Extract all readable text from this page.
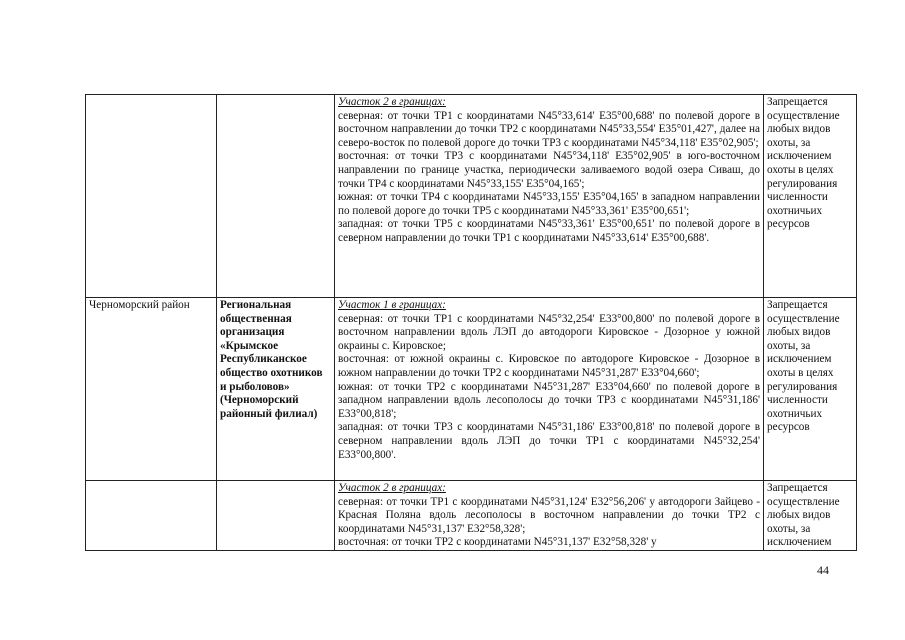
		Участок 2 в границах:

северная: от точки ТР1 с координатами N45°33,614' E35°00,688' по полевой дороге в восточном направлении до точки ТР2 с координатами N45°33,554' E35°01,427', далее на северо-восток по полевой дороге до точки ТР3 с координатами N45°34,118' E35°02,905';

восточная: от точки ТР3 с координатами N45°34,118' E35°02,905' в юго-восточном направлении по границе участка, периодически заливаемого водой озера Сиваш, до точки ТР4 с координатами N45°33,155' E35°04,165';

южная: от точки ТР4 с координатами N45°33,155' E35°04,165' в западном направлении по полевой дороге до точки ТР5 с координатами N45°33,361' E35°00,651';

западная: от точки ТР5 с координатами N45°33,361' E35°00,651' по полевой дороге в северном направлении до точки ТР1 с координатами N45°33,614' E35°00,688'.	Запрещается осуществление любых видов охоты, за исключением охоты в целях регулирования численности охотничьих ресурсов
Черноморский район	Региональная общественная организация «Крымское Республиканское общество охотников и рыболовов» (Черноморский районный филиал)	Участок 1 в границах:

северная: от точки ТР1 с координатами N45°32,254' E33°00,800' по полевой дороге в восточном направлении вдоль ЛЭП до автодороги Кировское - Дозорное у южной окраины с. Кировское;

восточная: от южной окраины с. Кировское по автодороге Кировское - Дозорное в южном направлении до точки ТР2 с координатами N45°31,287' E33°04,660';

южная: от точки ТР2 с координатами N45°31,287' E33°04,660' по полевой дороге в западном направлении вдоль лесополосы до точки ТР3 с координатами N45°31,186' E33°00,818';

западная: от точки ТР3 с координатами N45°31,186' E33°00,818' по полевой дороге в северном направлении вдоль ЛЭП до точки ТР1 с координатами N45°32,254' E33°00,800'.	Запрещается осуществление любых видов охоты, за исключением охоты в целях регулирования численности охотничьих ресурсов

		Участок 2 в границах:

северная: от точки ТР1 с координатами N45°31,124' E32°56,206' у автодороги Зайцево - Красная Поляна вдоль лесополосы в восточном направлении до точки ТР2 с координатами N45°31,137' E32°58,328';

восточная: от точки ТР2 с координатами N45°31,137' E32°58,328' у	Запрещается осуществление любых видов охоты, за исключением
44
